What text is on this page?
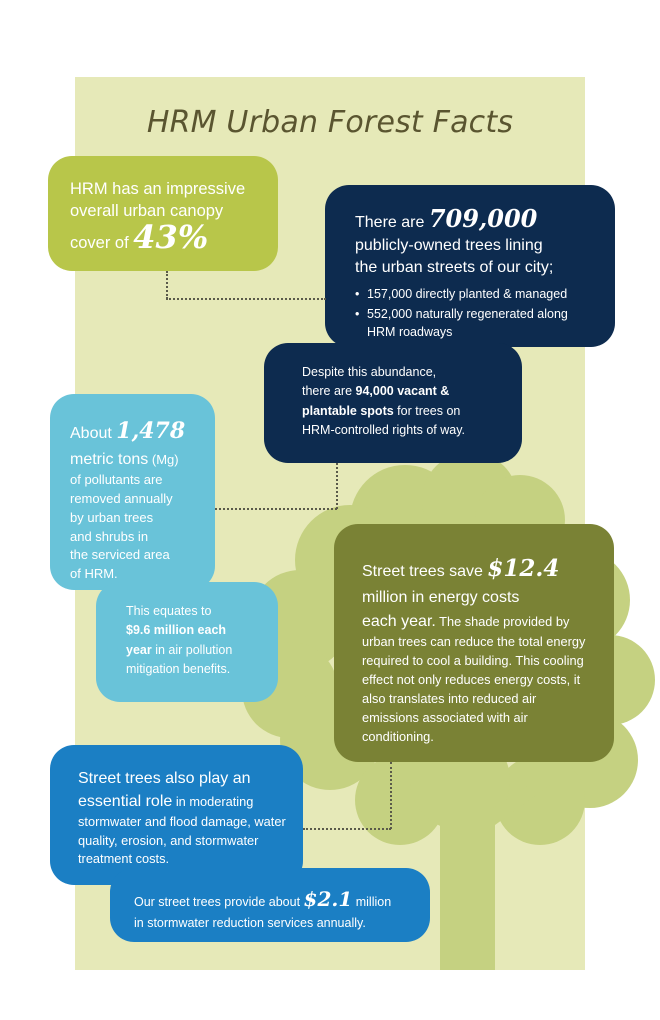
HRM Urban Forest Facts
HRM has an impressive
overall urban canopy
cover of 43%	There are 709,000
publicly-owned trees lining
the urban streets of our city;
• 157,000 directly planted & managed
• 552,000 naturally regenerated along HRM roadways
Despite this abundance,
there are 94,000 vacant &
plantable spots for trees on
HRM-controlled rights of way.
About 1,478
metric tons (Mg)
of pollutants are
removed annually
by urban trees
and shrubs in
the serviced area
of HRM.
This equates to
$9.6 million each
year in air pollution
mitigation benefits.
Street trees save $12.4
million in energy costs
each year. The shade provided by urban trees can reduce the total energy required to cool a building. This cooling effect not only reduces energy costs, it also translates into reduced air emissions associated with air conditioning.
Street trees also play an
essential role in moderating stormwater and flood damage, water quality, erosion, and stormwater treatment costs.
Our street trees provide about $2.1 million
in stormwater reduction services annually.
